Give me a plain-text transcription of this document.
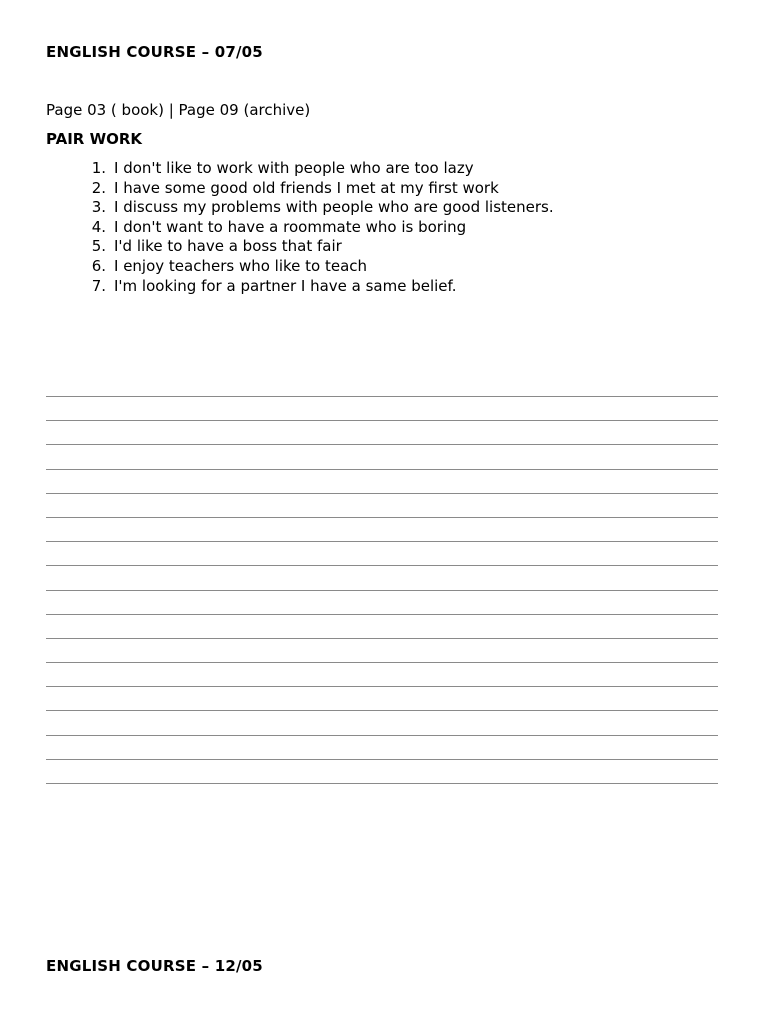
ENGLISH COURSE – 07/05
Page 03 ( book) | Page 09 (archive)
PAIR WORK
1. I don't like to work with people who are too lazy
2. I have some good old friends I met at my first work
3. I discuss my problems with people who are good listeners.
4. I don't want to have a roommate who is boring
5. I'd like to have a boss that fair
6. I enjoy teachers who like to teach
7. I'm looking for a partner I have a same belief.
ENGLISH COURSE – 12/05
